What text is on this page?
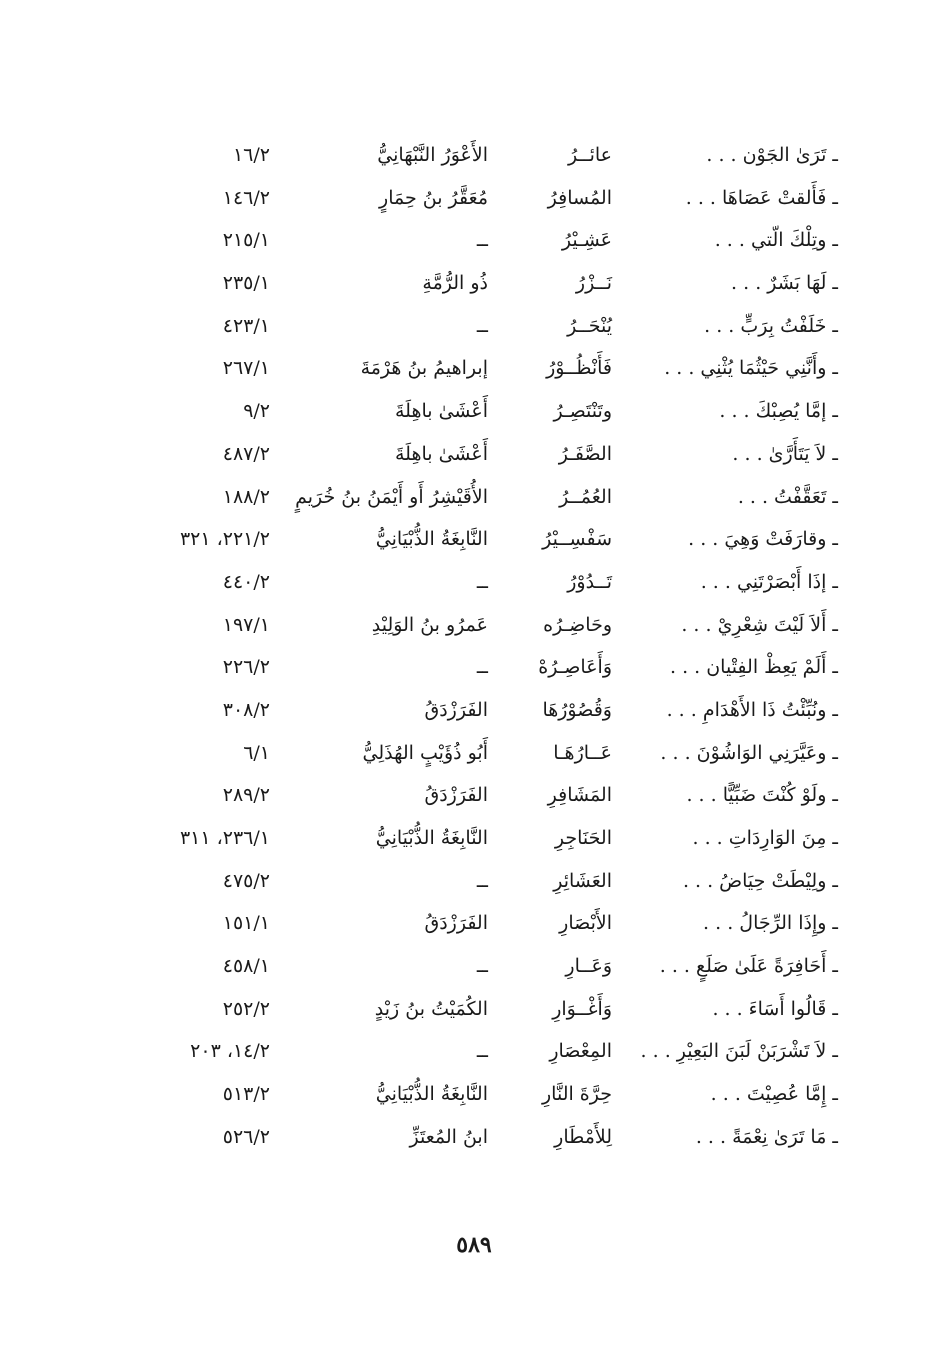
ـ تَرَىٰ الجَوْن . . .
عائــرُ
الأَعْوَرُ النَّبْهَانِيُّ
١٦/٢
ـ فَأَلقتْ عَصَاهَا . . .
المُسافِرُ
مُعَقَّرُ بنُ حِمَارٍ
١٤٦/٢
ـ وتِلْكَ الّتي . . .
عَشِـيْرُ
ــ
٢١٥/١
ـ لَهَا بَشَرٌ . . .
نَــزْرُ
ذُو الرُّمَّةِ
٢٣٥/١
ـ خَلَفْتُ بِرَبٍّ . . .
يُنْحَــرُ
ــ
٤٢٣/١
ـ وأَنَّنِي حَيْثُمَا يُثْنِي . . .
فَأَنْظُــوْرُ
إبراهيمُ بنُ هَرْمَةَ
٢٦٧/١
ـ إمَّا يُصِبْكَ . . .
وتَنْتَصِـرُ
أَعْشَىٰ باهِلَةَ
٩/٢
ـ لاَ يَتَأَرَّىٰ . . .
الصَّفَـرُ
أَعْشَىٰ باهِلَةَ
٤٨٧/٢
ـ تَعَقَّفْتُ . . .
العُمُــرُ
الأُقَيْشِرُ أَو أَيْمَنُ بنُ خُرَيمٍ
١٨٨/٢
ـ وقارَفَتْ وَهِيَ . . .
سَفْسِــيْرُ
النَّابِغَةُ الذُّبْيَانِيُّ
٢٢١/٢، ٣٢١
ـ إذَا أَبْصَرْتَنِي . . .
تَــدُوْرُ
ــ
٤٤٠/٢
ـ أَلاَ لَيْتَ شِعْرِيْ . . .
وحَاضِـرُه
عَمرُو بنُ الوَلِيْدِ
١٩٧/١
ـ أَلَمْ يَعِظْ الفِتْيان . . .
وَأَعَاصِـرُهْ
ــ
٢٢٦/٢
ـ ونُبِّئْتُ ذَا الأَهْدَامِ . . .
وَقُصُوْرُهَا
الفَرَزْدَقُ
٣٠٨/٢
ـ وعَيَّرَنِي الوَاشُوْنَ . . .
عَــارُهَـا
أَبُو ذُؤَيْبٍ الهُذَلِيُّ
٦/١
ـ ولَوْ كُنْتَ ضَبِّيًّا . . .
المَشَافِرِ
الفَرَزْدَقُ
٢٨٩/٢
ـ مِنَ الوَارِدَاتِ . . .
الحَنَاجِرِ
النَّابِغَةُ الذُّبْيَانِيُّ
٢٣٦/١، ٣١١
ـ ولِيْطَتْ حِيَاضُ . . .
العَشَائِرِ
ــ
٤٧٥/٢
ـ وإِذَا الرِّجَالُ . . .
الأَبْصَارِ
الفَرَزْدَقُ
١٥١/١
ـ أَحَافِرَةً عَلَىٰ صَلَعٍ . . .
وَعَــارِ
ــ
٤٥٨/١
ـ قَالُوا أَسَاءَ . . .
وَأَغْــوَارِ
الكُمَيْتُ بنُ زَيْدٍ
٢٥٢/٢
ـ لاَ تَشْرَبَنْ لَبَنَ البَعِيْرِ . . .
المِعْصَارِ
ــ
١٤/٢، ٢٠٣
ـ إِمَّا عُصِيْتَ . . .
حِرَّةَ النَّارِ
النَّابِغَةُ الذُّبْيَانِيُّ
٥١٣/٢
ـ مَا تَرَىٰ نِعْمَةً . . .
لِلأَمْطَارِ
ابنُ المُعتَزِّ
٥٢٦/٢
٥٨٩
